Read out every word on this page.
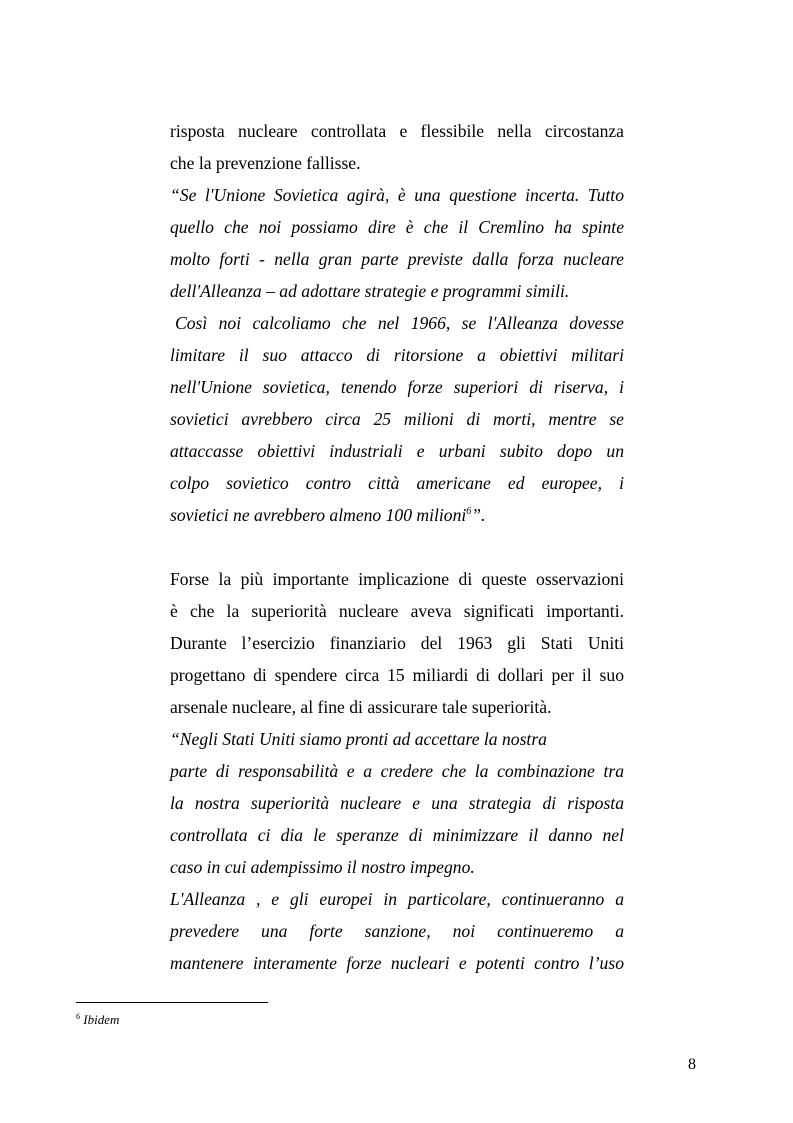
risposta nucleare controllata e flessibile nella circostanza
che la prevenzione fallisse.
“Se l'Unione Sovietica agirà, è una questione incerta. Tutto
quello che noi possiamo dire è che il Cremlino ha spinte
molto forti - nella gran parte previste dalla forza nucleare
dell'Alleanza – ad adottare strategie e programmi simili.
Così noi calcoliamo che nel 1966, se l'Alleanza dovesse
limitare il suo attacco di ritorsione a obiettivi militari
nell'Unione sovietica, tenendo forze superiori di riserva, i
sovietici avrebbero circa 25 milioni di morti, mentre se
attaccasse obiettivi industriali e urbani subito dopo un
colpo sovietico contro città americane ed europee, i
sovietici ne avrebbero almeno 100 milioni$^6$”.
Forse la più importante implicazione di queste osservazioni
è che la superiorità nucleare aveva significati importanti.
Durante l’esercizio finanziario del 1963 gli Stati Uniti
progettano di spendere circa 15 miliardi di dollari per il suo
arsenale nucleare, al fine di assicurare tale superiorità.
“Negli Stati Uniti siamo pronti ad accettare la nostra
parte di responsabilità e a credere che la combinazione tra
la nostra superiorità nucleare e una strategia di risposta
controllata ci dia le speranze di minimizzare il danno nel
caso in cui adempissimo il nostro impegno.
L'Alleanza , e gli europei in particolare, continueranno a
prevedere una forte sanzione, noi continueremo a
mantenere interamente forze nucleari e potenti contro l’uso
$^6$ Ibidem
8
